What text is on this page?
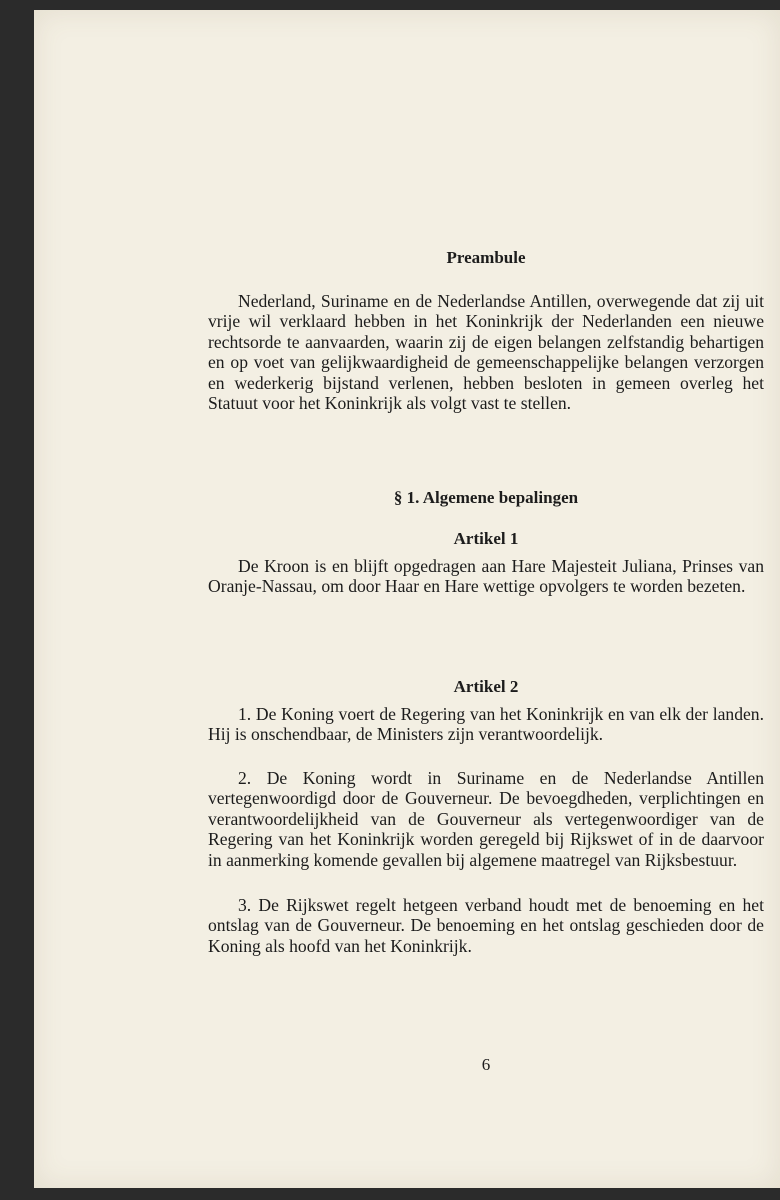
Preambule
Nederland, Suriname en de Nederlandse Antillen, overwegende dat zij uit vrije wil verklaard hebben in het Koninkrijk der Nederlanden een nieuwe rechtsorde te aanvaarden, waarin zij de eigen belangen zelfstandig behartigen en op voet van gelijkwaardigheid de gemeenschappelijke belangen verzorgen en wederkerig bijstand verlenen, hebben besloten in gemeen overleg het Statuut voor het Koninkrijk als volgt vast te stellen.
§ 1. Algemene bepalingen
Artikel 1
De Kroon is en blijft opgedragen aan Hare Majesteit Juliana, Prinses van Oranje-Nassau, om door Haar en Hare wettige opvolgers te worden bezeten.
Artikel 2
1. De Koning voert de Regering van het Koninkrijk en van elk der landen. Hij is onschendbaar, de Ministers zijn verantwoordelijk.
2. De Koning wordt in Suriname en de Nederlandse Antillen vertegenwoordigd door de Gouverneur. De bevoegdheden, verplichtingen en verantwoordelijkheid van de Gouverneur als vertegenwoordiger van de Regering van het Koninkrijk worden geregeld bij Rijkswet of in de daarvoor in aanmerking komende gevallen bij algemene maatregel van Rijksbestuur.
3. De Rijkswet regelt hetgeen verband houdt met de benoeming en het ontslag van de Gouverneur. De benoeming en het ontslag geschieden door de Koning als hoofd van het Koninkrijk.
6
